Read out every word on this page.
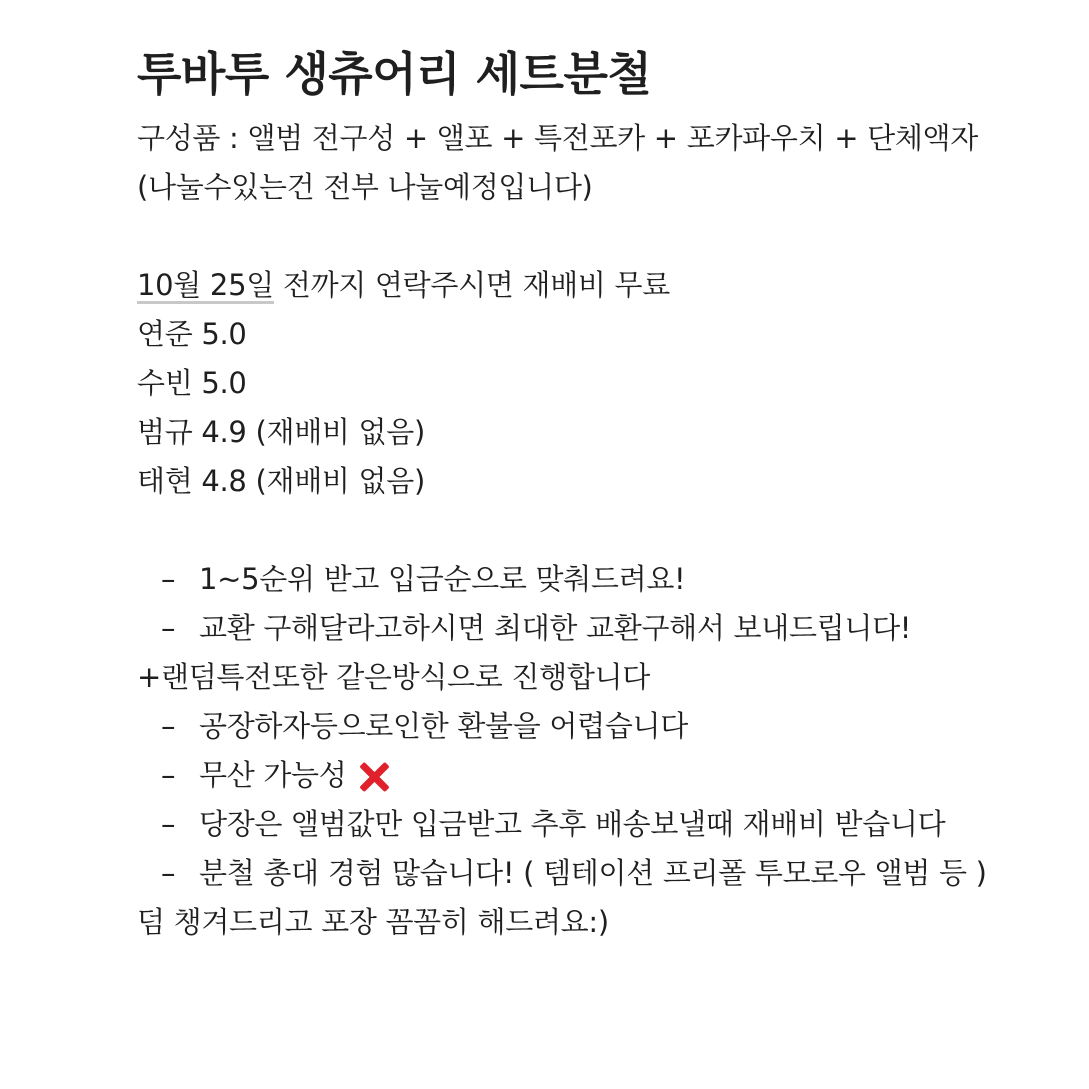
투바투 생츄어리 세트분철
구성품 : 앨범 전구성 + 앨포 + 특전포카 + 포카파우치 + 단체액자
(나눌수있는건 전부 나눌예정입니다)
10월 25일 전까지 연락주시면 재배비 무료
연준 5.0
수빈 5.0
범규 4.9 (재배비 없음)
태현 4.8 (재배비 없음)
– 1~5순위 받고 입금순으로 맞춰드려요!
– 교환 구해달라고하시면 최대한 교환구해서 보내드립니다!
+랜덤특전또한 같은방식으로 진행합니다
– 공장하자등으로인한 환불을 어렵습니다
– 무산 가능성
– 당장은 앨범값만 입금받고 추후 배송보낼때 재배비 받습니다
– 분철 총대 경험 많습니다! ( 템테이션 프리폴 투모로우 앨범 등 )
덤 챙겨드리고 포장 꼼꼼히 해드려요:)
